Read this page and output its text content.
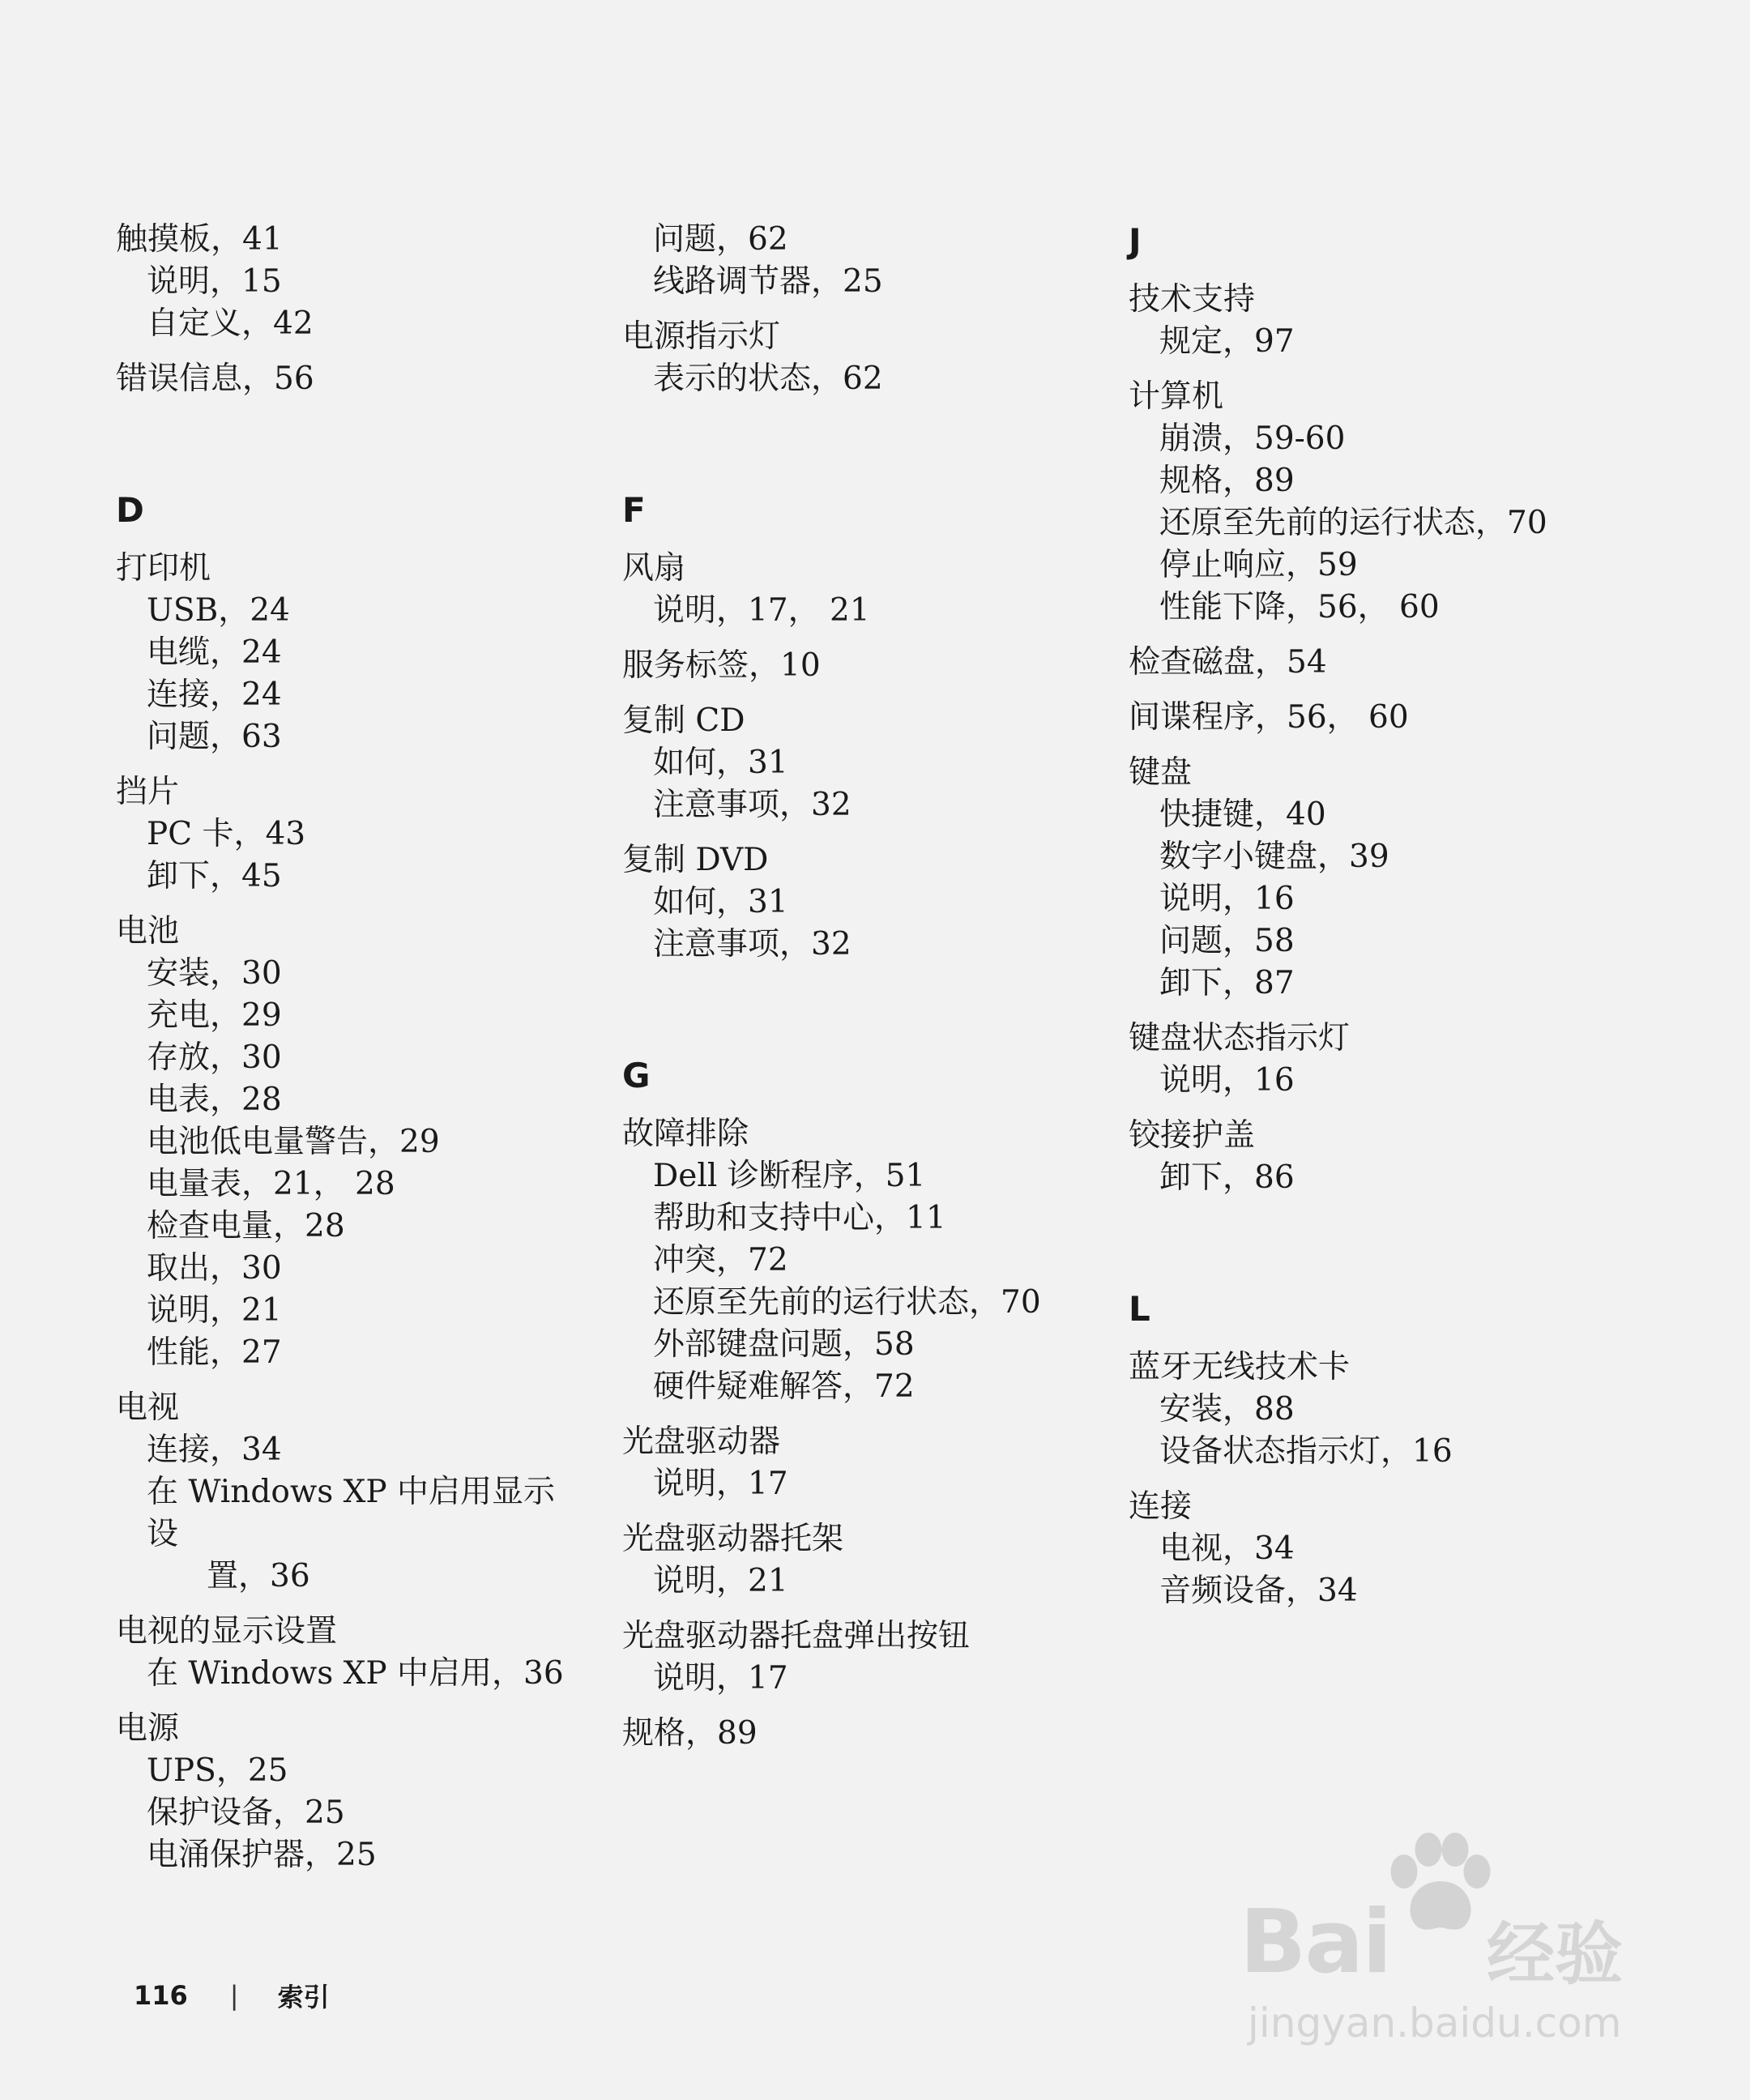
触摸板，41
说明，15
自定义，42
错误信息，56
D
打印机
USB，24
电缆，24
连接，24
问题，63
挡片
PC 卡，43
卸下，45
电池
安装，30
充电，29
存放，30
电表，28
电池低电量警告，29
电量表，21， 28
检查电量，28
取出，30
说明，21
性能，27
电视
连接，34
在 Windows XP 中启用显示设
置，36
电视的显示设置
在 Windows XP 中启用，36
电源
UPS，25
保护设备，25
电涌保护器，25
问题，62
线路调节器，25
电源指示灯
表示的状态，62
F
风扇
说明，17， 21
服务标签，10
复制 CD
如何，31
注意事项，32
复制 DVD
如何，31
注意事项，32
G
故障排除
Dell 诊断程序，51
帮助和支持中心，11
冲突，72
还原至先前的运行状态，70
外部键盘问题，58
硬件疑难解答，72
光盘驱动器
说明，17
光盘驱动器托架
说明，21
光盘驱动器托盘弹出按钮
说明，17
规格，89
J
技术支持
规定，97
计算机
崩溃，59-60
规格，89
还原至先前的运行状态，70
停止响应，59
性能下降，56， 60
检查磁盘，54
间谍程序，56， 60
键盘
快捷键，40
数字小键盘，39
说明，16
问题，58
卸下，87
键盘状态指示灯
说明，16
铰接护盖
卸下，86
L
蓝牙无线技术卡
安装，88
设备状态指示灯，16
连接
电视，34
音频设备，34
116 | 索引
Bai 经验
jingyan.baidu.com
